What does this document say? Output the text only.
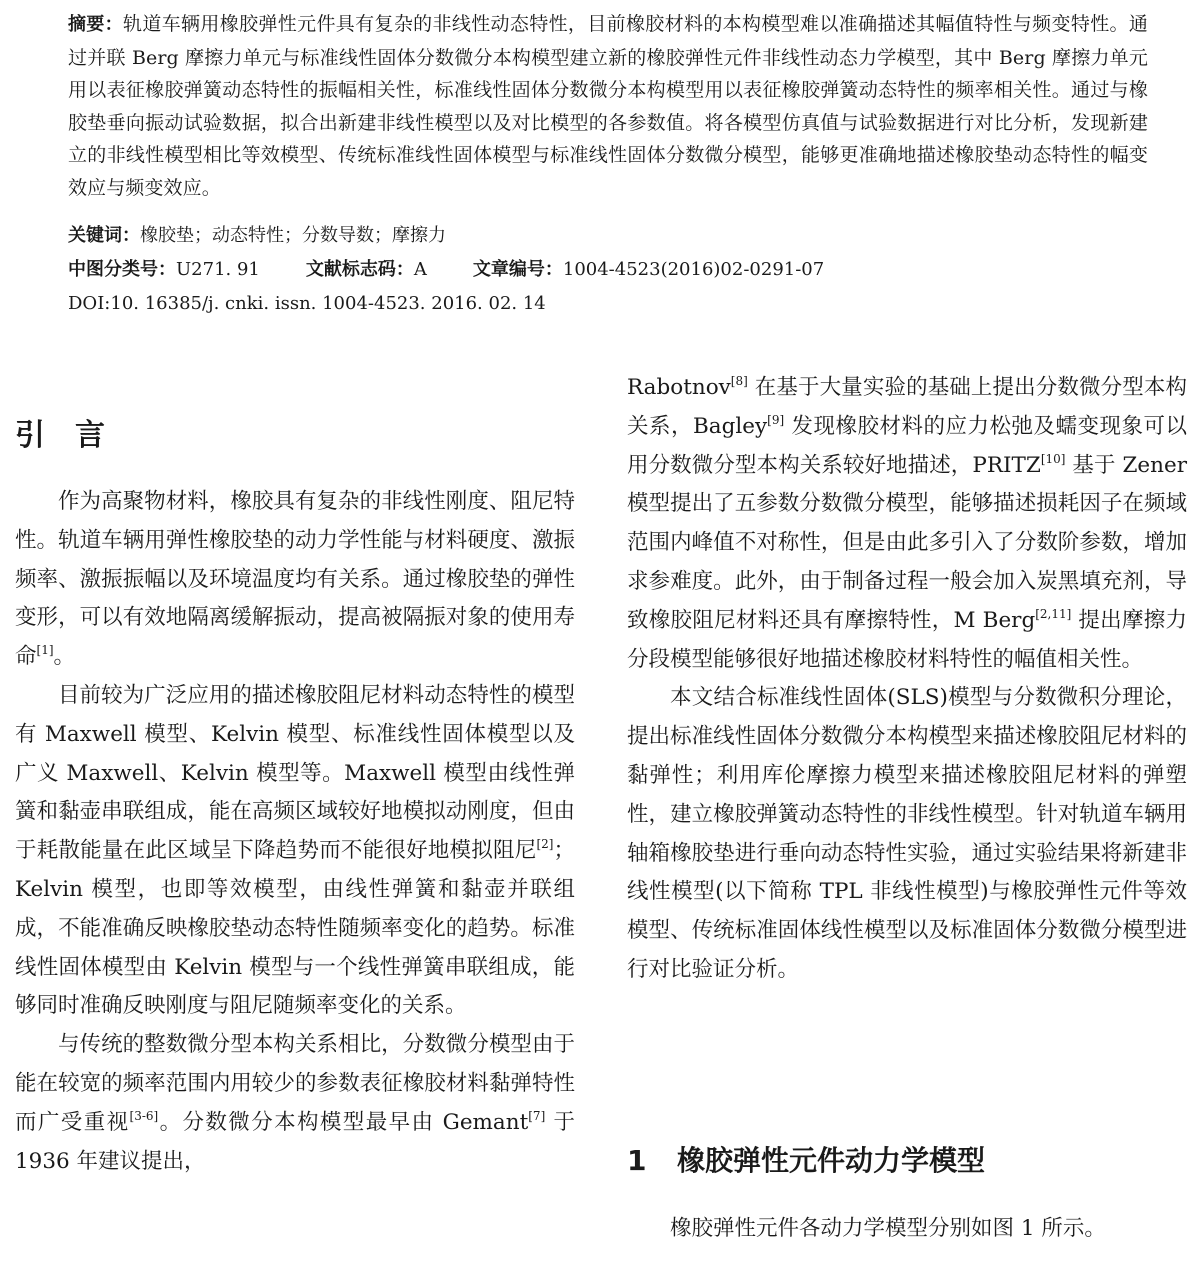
摘要：轨道车辆用橡胶弹性元件具有复杂的非线性动态特性，目前橡胶材料的本构模型难以准确描述其幅值特性与频变特性。通过并联 Berg 摩擦力单元与标准线性固体分数微分本构模型建立新的橡胶弹性元件非线性动态力学模型，其中 Berg 摩擦力单元用以表征橡胶弹簧动态特性的振幅相关性，标准线性固体分数微分本构模型用以表征橡胶弹簧动态特性的频率相关性。通过与橡胶垫垂向振动试验数据，拟合出新建非线性模型以及对比模型的各参数值。将各模型仿真值与试验数据进行对比分析，发现新建立的非线性模型相比等效模型、传统标准线性固体模型与标准线性固体分数微分模型，能够更准确地描述橡胶垫动态特性的幅变效应与频变效应。

关键词：橡胶垫；动态特性；分数导数；摩擦力
中图分类号：U271. 91	文献标志码：A	文章编号：1004-4523(2016)02-0291-07
DOI:10. 16385/j. cnki. issn. 1004-4523. 2016. 02. 14
引言

作为高聚物材料，橡胶具有复杂的非线性刚度、阻尼特性。轨道车辆用弹性橡胶垫的动力学性能与材料硬度、激振频率、激振振幅以及环境温度均有关系。通过橡胶垫的弹性变形，可以有效地隔离缓解振动，提高被隔振对象的使用寿命[1]。

目前较为广泛应用的描述橡胶阻尼材料动态特性的模型有 Maxwell 模型、Kelvin 模型、标准线性固体模型以及广义 Maxwell、Kelvin 模型等。Maxwell 模型由线性弹簧和黏壶串联组成，能在高频区域较好地模拟动刚度，但由于耗散能量在此区域呈下降趋势而不能很好地模拟阻尼[2]；Kelvin 模型，也即等效模型，由线性弹簧和黏壶并联组成，不能准确反映橡胶垫动态特性随频率变化的趋势。标准线性固体模型由 Kelvin 模型与一个线性弹簧串联组成，能够同时准确反映刚度与阻尼随频率变化的关系。

与传统的整数微分型本构关系相比，分数微分模型由于能在较宽的频率范围内用较少的参数表征橡胶材料黏弹特性而广受重视[3-6]。分数微分本构模型最早由 Gemant[7] 于 1936 年建议提出，

Rabotnov[8] 在基于大量实验的基础上提出分数微分型本构关系，Bagley[9] 发现橡胶材料的应力松弛及蠕变现象可以用分数微分型本构关系较好地描述，PRITZ[10] 基于 Zener 模型提出了五参数分数微分模型，能够描述损耗因子在频域范围内峰值不对称性，但是由此多引入了分数阶参数，增加求参难度。此外，由于制备过程一般会加入炭黑填充剂，导致橡胶阻尼材料还具有摩擦特性，M Berg[2,11] 提出摩擦力分段模型能够很好地描述橡胶材料特性的幅值相关性。

本文结合标准线性固体(SLS)模型与分数微积分理论，提出标准线性固体分数微分本构模型来描述橡胶阻尼材料的黏弹性；利用库伦摩擦力模型来描述橡胶阻尼材料的弹塑性，建立橡胶弹簧动态特性的非线性模型。针对轨道车辆用轴箱橡胶垫进行垂向动态特性实验，通过实验结果将新建非线性模型(以下简称 TPL 非线性模型)与橡胶弹性元件等效模型、传统标准固体线性模型以及标准固体分数微分模型进行对比验证分析。

1 橡胶弹性元件动力学模型

橡胶弹性元件各动力学模型分别如图 1 所示。
